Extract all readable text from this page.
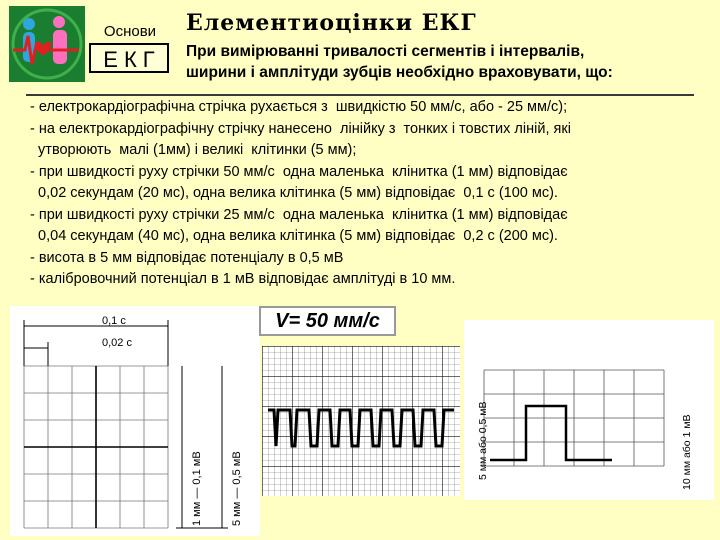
Основи
ЕКГ
Елементиоцінки ЕКГ
При вимірюванні тривалості сегментів і інтервалів,
ширини і амплітуди зубців необхідно враховувати, що:
- електрокардіографічна стрічка рухається з  швидкістю 50 мм/с, або - 25 мм/с);
- на електрокардіографічну стрічку нанесено  лінійку з  тонких і товстих ліній, які
утворюють  малі (1мм) і великі  клітинки (5 мм);
- при швидкості руху стрічки 50 мм/с  одна маленька  клінитка (1 мм) відповідає
0,02 секундам (20 мс), одна велика клітинка (5 мм) відповідає  0,1 с (100 мс).
- при швидкості руху стрічки 25 мм/с  одна маленька  клінитка (1 мм) відповідає
0,04 секундам (40 мс), одна велика клітинка (5 мм) відповідає  0,2 с (200 мс).
- висота в 5 мм відповідає потенціалу в 0,5 мВ
- калібровочний потенціал в 1 мВ відповідає амплітуді в 10 мм.
0,1 с
0,02 с
1 мм — 0,1 мВ	5 мм — 0,5 мВ
V= 50 мм/с
5 мм або 0,5 мВ	10 мм або 1 мВ
